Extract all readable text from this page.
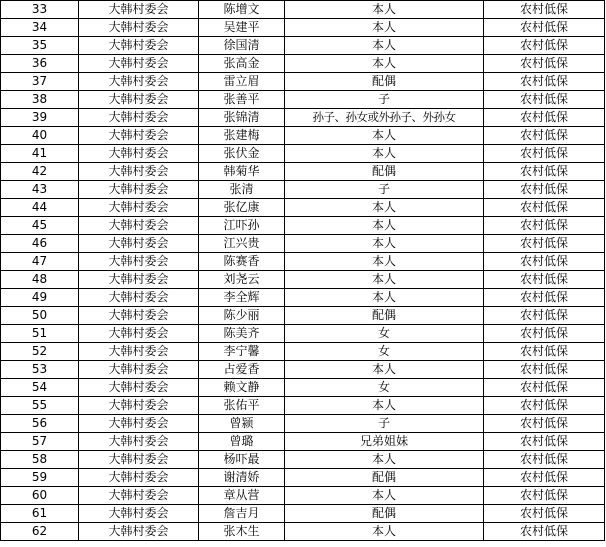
33	大韩村委会	陈增文	本人	农村低保
34	大韩村委会	吴建平	本人	农村低保
35	大韩村委会	徐国清	本人	农村低保
36	大韩村委会	张高金	本人	农村低保
37	大韩村委会	雷立眉	配偶	农村低保
38	大韩村委会	张善平	子	农村低保
39	大韩村委会	张锦清	孙子、孙女或外孙子、外孙女	农村低保
40	大韩村委会	张建梅	本人	农村低保
41	大韩村委会	张伏金	本人	农村低保
42	大韩村委会	韩菊华	配偶	农村低保
43	大韩村委会	张清	子	农村低保
44	大韩村委会	张亿康	本人	农村低保
45	大韩村委会	江吓孙	本人	农村低保
46	大韩村委会	江兴贵	本人	农村低保
47	大韩村委会	陈赛香	本人	农村低保
48	大韩村委会	刘尧云	本人	农村低保
49	大韩村委会	李全辉	本人	农村低保
50	大韩村委会	陈少丽	配偶	农村低保
51	大韩村委会	陈美齐	女	农村低保
52	大韩村委会	李宁馨	女	农村低保
53	大韩村委会	占爱香	本人	农村低保
54	大韩村委会	赖文静	女	农村低保
55	大韩村委会	张佑平	本人	农村低保
56	大韩村委会	曾颍	子	农村低保
57	大韩村委会	曾璐	兄弟姐妹	农村低保
58	大韩村委会	杨吓最	本人	农村低保
59	大韩村委会	谢清娇	配偶	农村低保
60	大韩村委会	章从营	本人	农村低保
61	大韩村委会	詹吉月	配偶	农村低保
62	大韩村委会	张木生	本人	农村低保
